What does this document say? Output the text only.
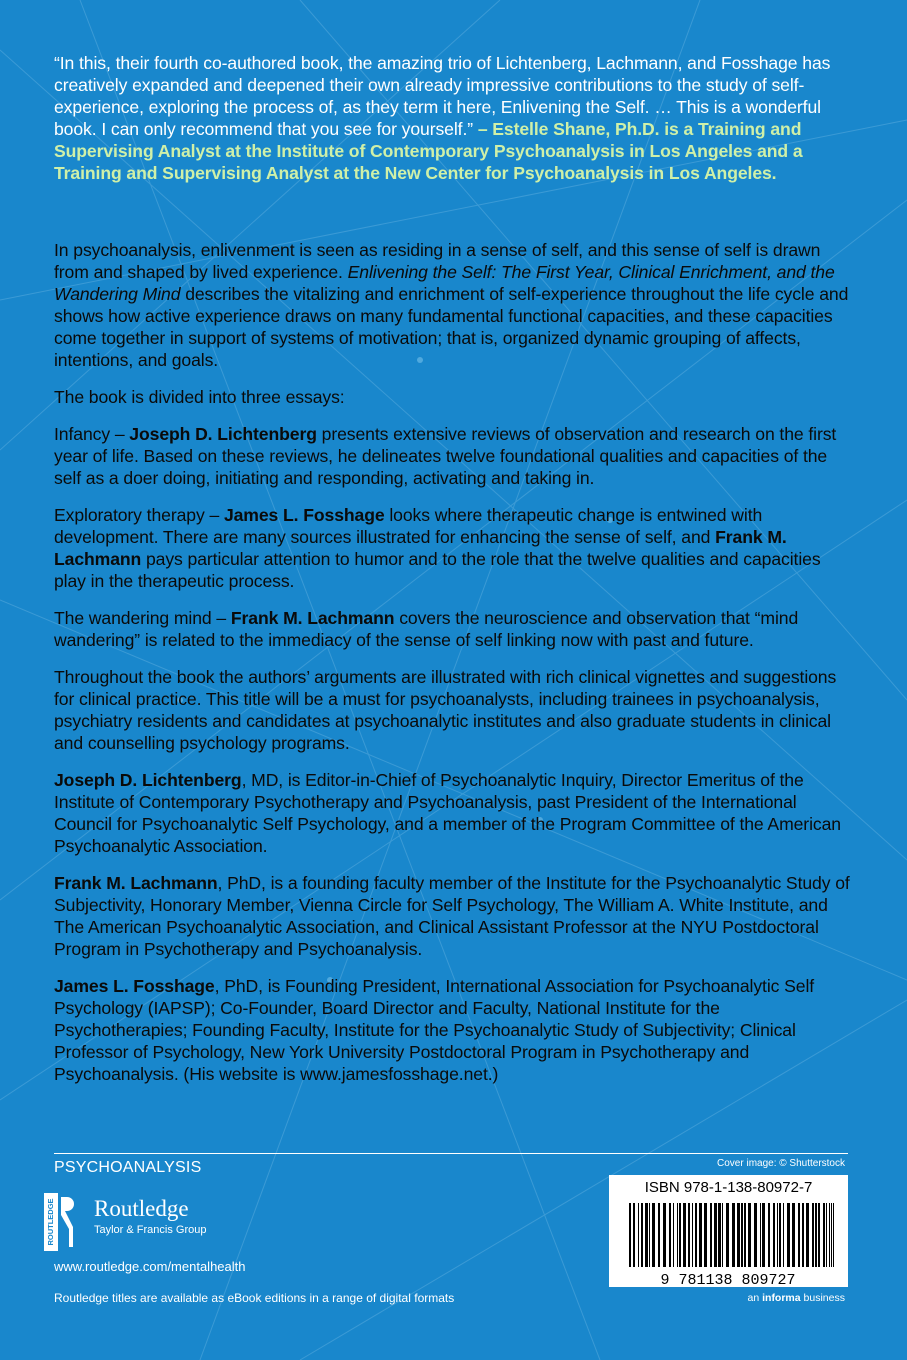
“In this, their fourth co-authored book, the amazing trio of Lichtenberg, Lachmann, and Fosshage has creatively expanded and deepened their own already impressive contributions to the study of self-experience, exploring the process of, as they term it here, Enlivening the Self. … This is a wonderful book. I can only recommend that you see for yourself.” – Estelle Shane, Ph.D. is a Training and Supervising Analyst at the Institute of Contemporary Psychoanalysis in Los Angeles and a Training and Supervising Analyst at the New Center for Psychoanalysis in Los Angeles.

In psychoanalysis, enlivenment is seen as residing in a sense of self, and this sense of self is drawn from and shaped by lived experience. Enlivening the Self: The First Year, Clinical Enrichment, and the Wandering Mind describes the vitalizing and enrichment of self-experience throughout the life cycle and shows how active experience draws on many fundamental functional capacities, and these capacities come together in support of systems of motivation; that is, organized dynamic grouping of affects, intentions, and goals.

The book is divided into three essays:

Infancy – Joseph D. Lichtenberg presents extensive reviews of observation and research on the first year of life. Based on these reviews, he delineates twelve foundational qualities and capacities of the self as a doer doing, initiating and responding, activating and taking in.

Exploratory therapy – James L. Fosshage looks where therapeutic change is entwined with development. There are many sources illustrated for enhancing the sense of self, and Frank M. Lachmann pays particular attention to humor and to the role that the twelve qualities and capacities play in the therapeutic process.

The wandering mind – Frank M. Lachmann covers the neuroscience and observation that “mind wandering” is related to the immediacy of the sense of self linking now with past and future.

Throughout the book the authors’ arguments are illustrated with rich clinical vignettes and suggestions for clinical practice. This title will be a must for psychoanalysts, including trainees in psychoanalysis, psychiatry residents and candidates at psychoanalytic institutes and also graduate students in clinical and counselling psychology programs.

Joseph D. Lichtenberg, MD, is Editor-in-Chief of Psychoanalytic Inquiry, Director Emeritus of the Institute of Contemporary Psychotherapy and Psychoanalysis, past President of the International Council for Psychoanalytic Self Psychology, and a member of the Program Committee of the American Psychoanalytic Association.

Frank M. Lachmann, PhD, is a founding faculty member of the Institute for the Psychoanalytic Study of Subjectivity, Honorary Member, Vienna Circle for Self Psychology, The William A. White Institute, and The American Psychoanalytic Association, and Clinical Assistant Professor at the NYU Postdoctoral Program in Psychotherapy and Psychoanalysis.

James L. Fosshage, PhD, is Founding President, International Association for Psychoanalytic Self Psychology (IAPSP); Co-Founder, Board Director and Faculty, National Institute for the Psychotherapies; Founding Faculty, Institute for the Psychoanalytic Study of Subjectivity; Clinical Professor of Psychology, New York University Postdoctoral Program in Psychotherapy and Psychoanalysis. (His website is www.jamesfosshage.net.)

PSYCHOANALYSIS	Cover image: © Shutterstock
ROUTLEDGE Routledge
Taylor & Francis Group
www.routledge.com/mentalhealth
Routledge titles are available as eBook editions in a range of digital formats
ISBN 978-1-138-80972-7
9 781138 809727
an informa business
